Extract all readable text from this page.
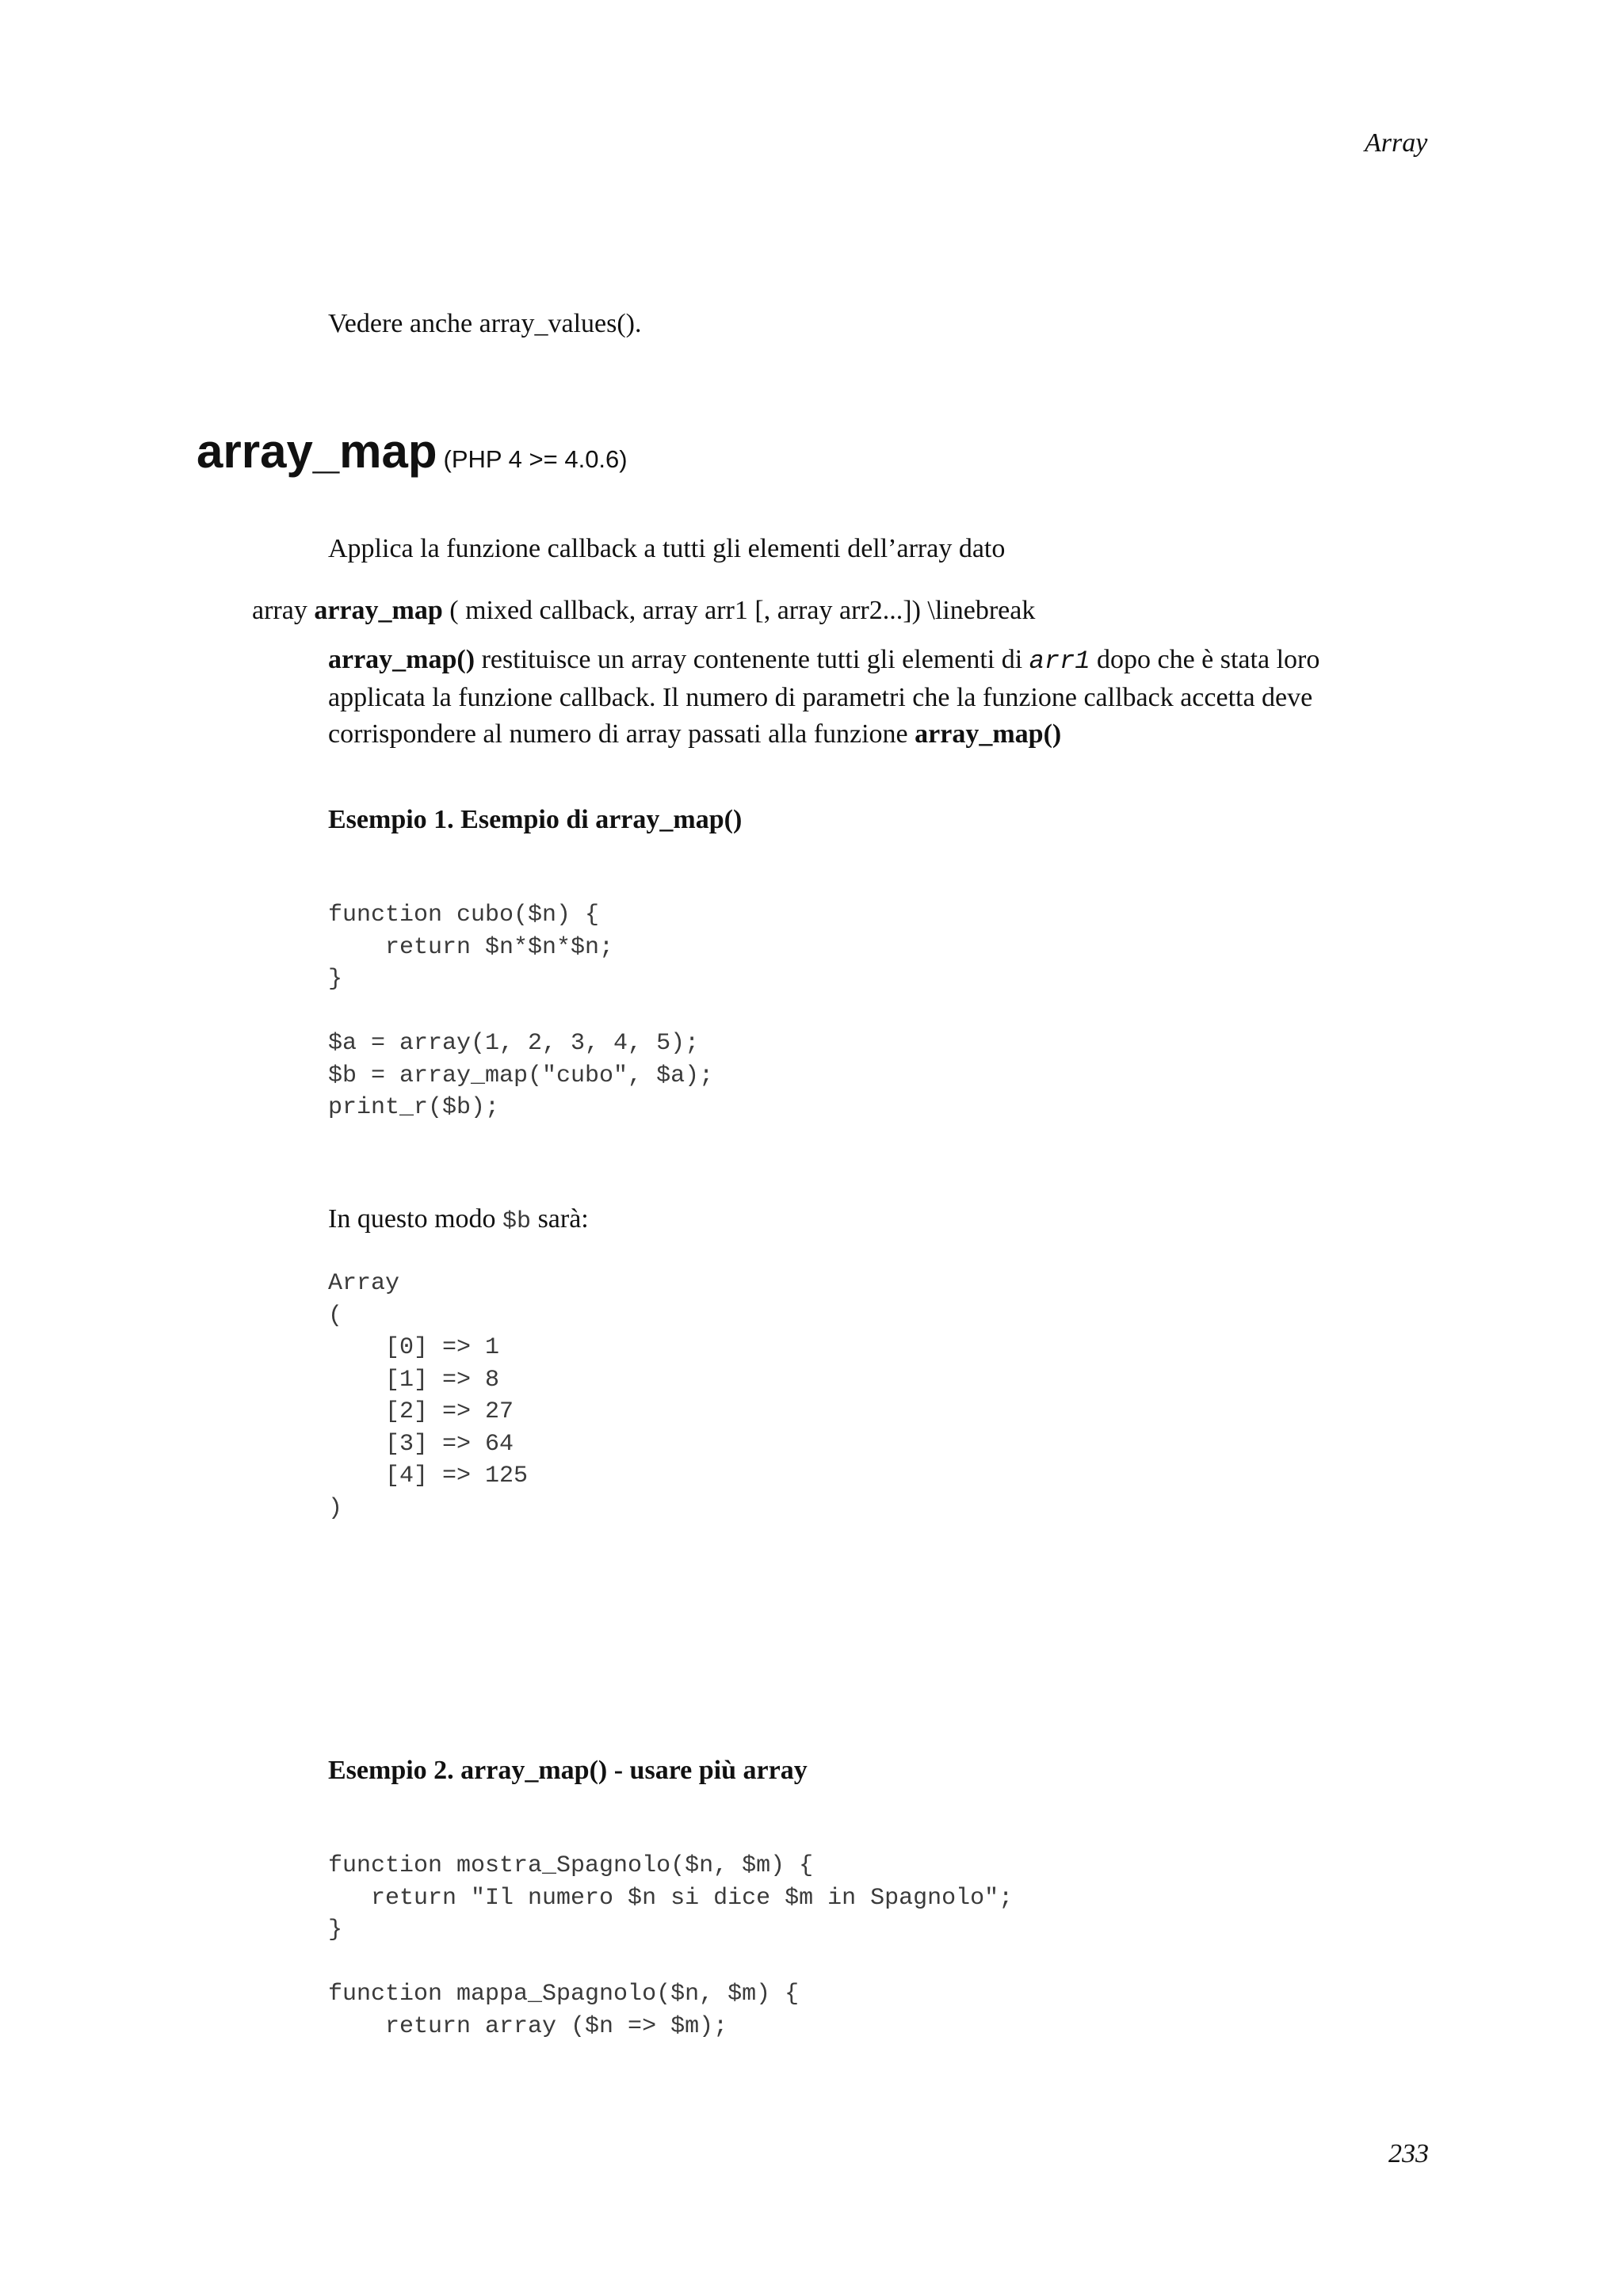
Array

Vedere anche array_values().

array_map (PHP 4 >= 4.0.6)

Applica la funzione callback a tutti gli elementi dell’array dato

array array_map ( mixed callback, array arr1 [, array arr2...]) \linebreak

array_map() restituisce un array contenente tutti gli elementi di arr1 dopo che è stata loro applicata la funzione callback. Il numero di parametri che la funzione callback accetta deve corrispondere al numero di array passati alla funzione array_map()

Esempio 1. Esempio di array_map()
function cubo($n) {
return $n*$n*$n;
}

$a = array(1, 2, 3, 4, 5);
$b = array_map("cubo", $a);
print_r($b);

In questo modo $b sarà:

Array
(
[0] => 1
[1] => 8
[2] => 27
[3] => 64
[4] => 125
)
Esempio 2. array_map() - usare più array
function mostra_Spagnolo($n, $m) {
return "Il numero $n si dice $m in Spagnolo";
}

function mappa_Spagnolo($n, $m) {
return array ($n => $m);
233
